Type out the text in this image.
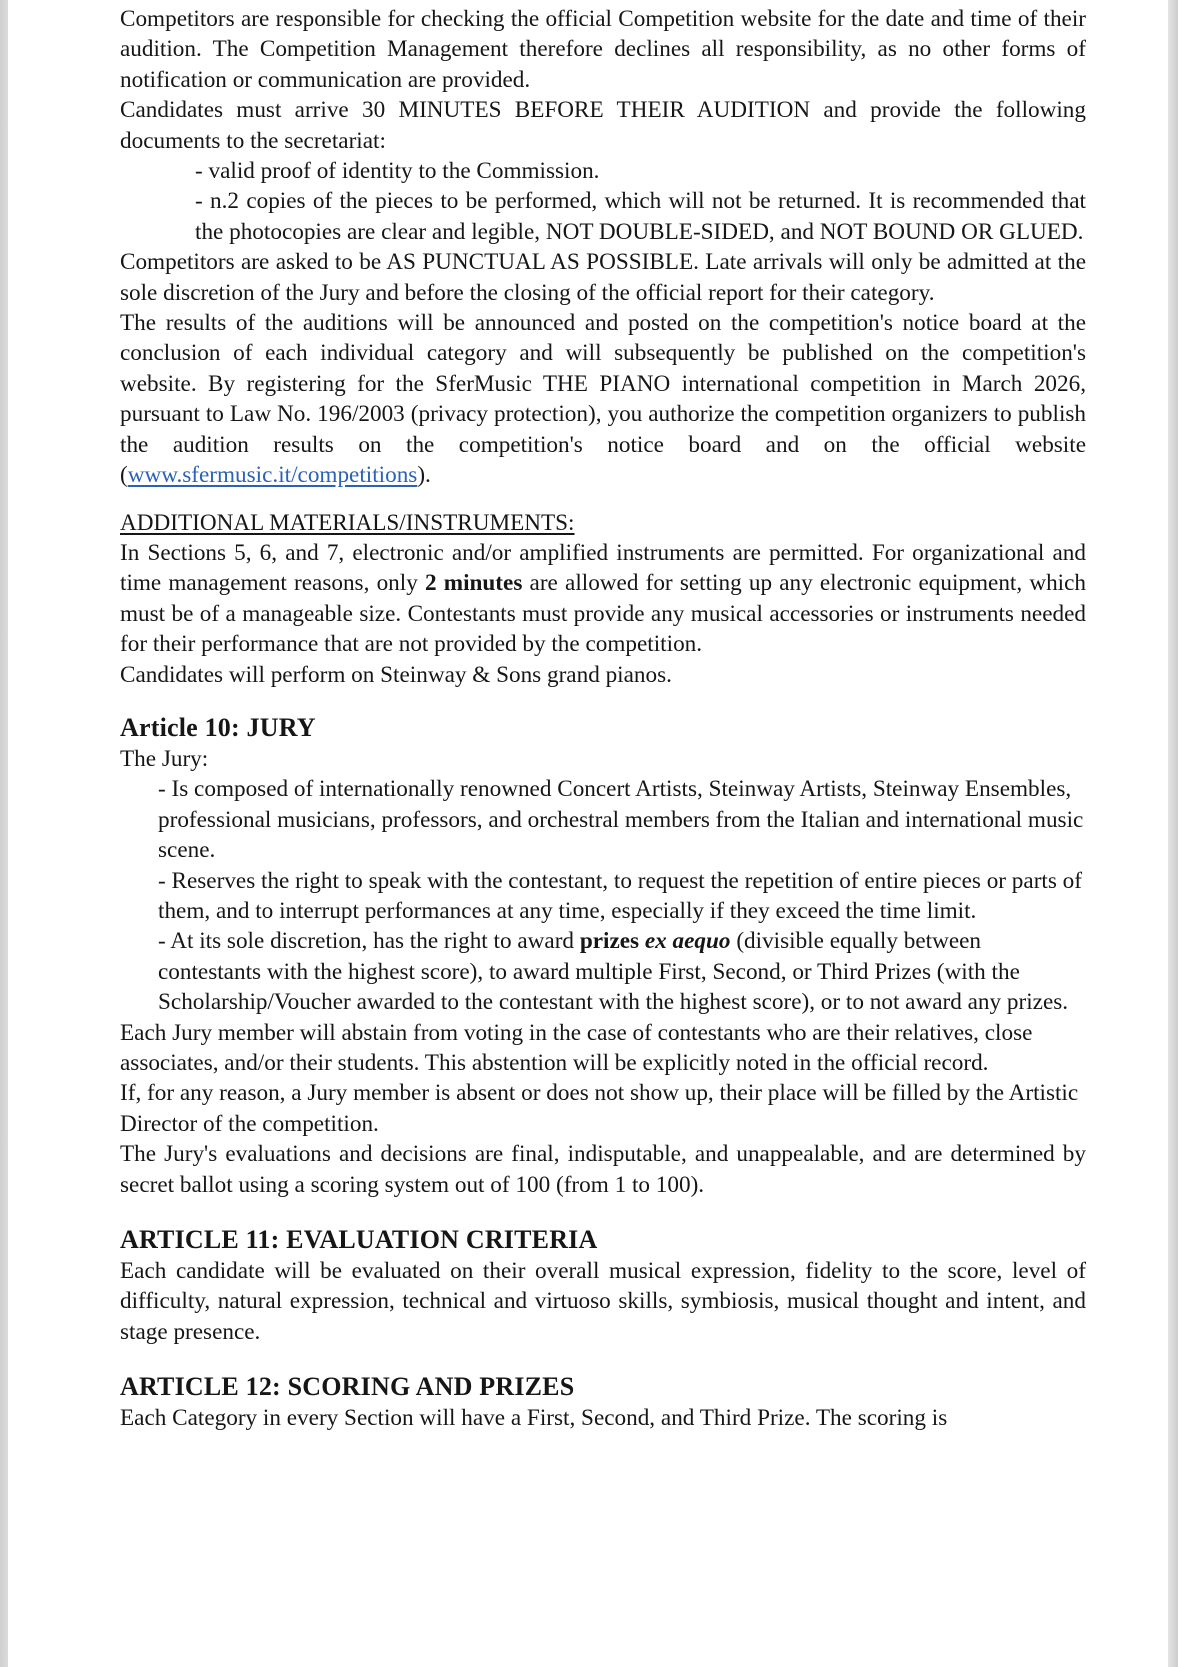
Competitors are responsible for checking the official Competition website for the date and time of their audition. The Competition Management therefore declines all responsibility, as no other forms of notification or communication are provided.

Candidates must arrive 30 MINUTES BEFORE THEIR AUDITION and provide the following documents to the secretariat:

- valid proof of identity to the Commission.

- n.2 copies of the pieces to be performed, which will not be returned. It is recommended that the photocopies are clear and legible, NOT DOUBLE-SIDED, and NOT BOUND OR GLUED.

Competitors are asked to be AS PUNCTUAL AS POSSIBLE. Late arrivals will only be admitted at the sole discretion of the Jury and before the closing of the official report for their category.

The results of the auditions will be announced and posted on the competition's notice board at the conclusion of each individual category and will subsequently be published on the competition's website. By registering for the SferMusic THE PIANO international competition in March 2026, pursuant to Law No. 196/2003 (privacy protection), you authorize the competition organizers to publish the audition results on the competition's notice board and on the official website (www.sfermusic.it/competitions).

ADDITIONAL MATERIALS/INSTRUMENTS:

In Sections 5, 6, and 7, electronic and/or amplified instruments are permitted. For organizational and time management reasons, only 2 minutes are allowed for setting up any electronic equipment, which must be of a manageable size. Contestants must provide any musical accessories or instruments needed for their performance that are not provided by the competition.

Candidates will perform on Steinway & Sons grand pianos.

Article 10: JURY

The Jury:

- Is composed of internationally renowned Concert Artists, Steinway Artists, Steinway Ensembles, professional musicians, professors, and orchestral members from the Italian and international music scene.

- Reserves the right to speak with the contestant, to request the repetition of entire pieces or parts of them, and to interrupt performances at any time, especially if they exceed the time limit.

- At its sole discretion, has the right to award prizes ex aequo (divisible equally between contestants with the highest score), to award multiple First, Second, or Third Prizes (with the Scholarship/Voucher awarded to the contestant with the highest score), or to not award any prizes.

Each Jury member will abstain from voting in the case of contestants who are their relatives, close associates, and/or their students. This abstention will be explicitly noted in the official record.

If, for any reason, a Jury member is absent or does not show up, their place will be filled by the Artistic Director of the competition.

The Jury's evaluations and decisions are final, indisputable, and unappealable, and are determined by secret ballot using a scoring system out of 100 (from 1 to 100).

ARTICLE 11: EVALUATION CRITERIA

Each candidate will be evaluated on their overall musical expression, fidelity to the score, level of difficulty, natural expression, technical and virtuoso skills, symbiosis, musical thought and intent, and stage presence.

ARTICLE 12: SCORING AND PRIZES

Each Category in every Section will have a First, Second, and Third Prize. The scoring is
